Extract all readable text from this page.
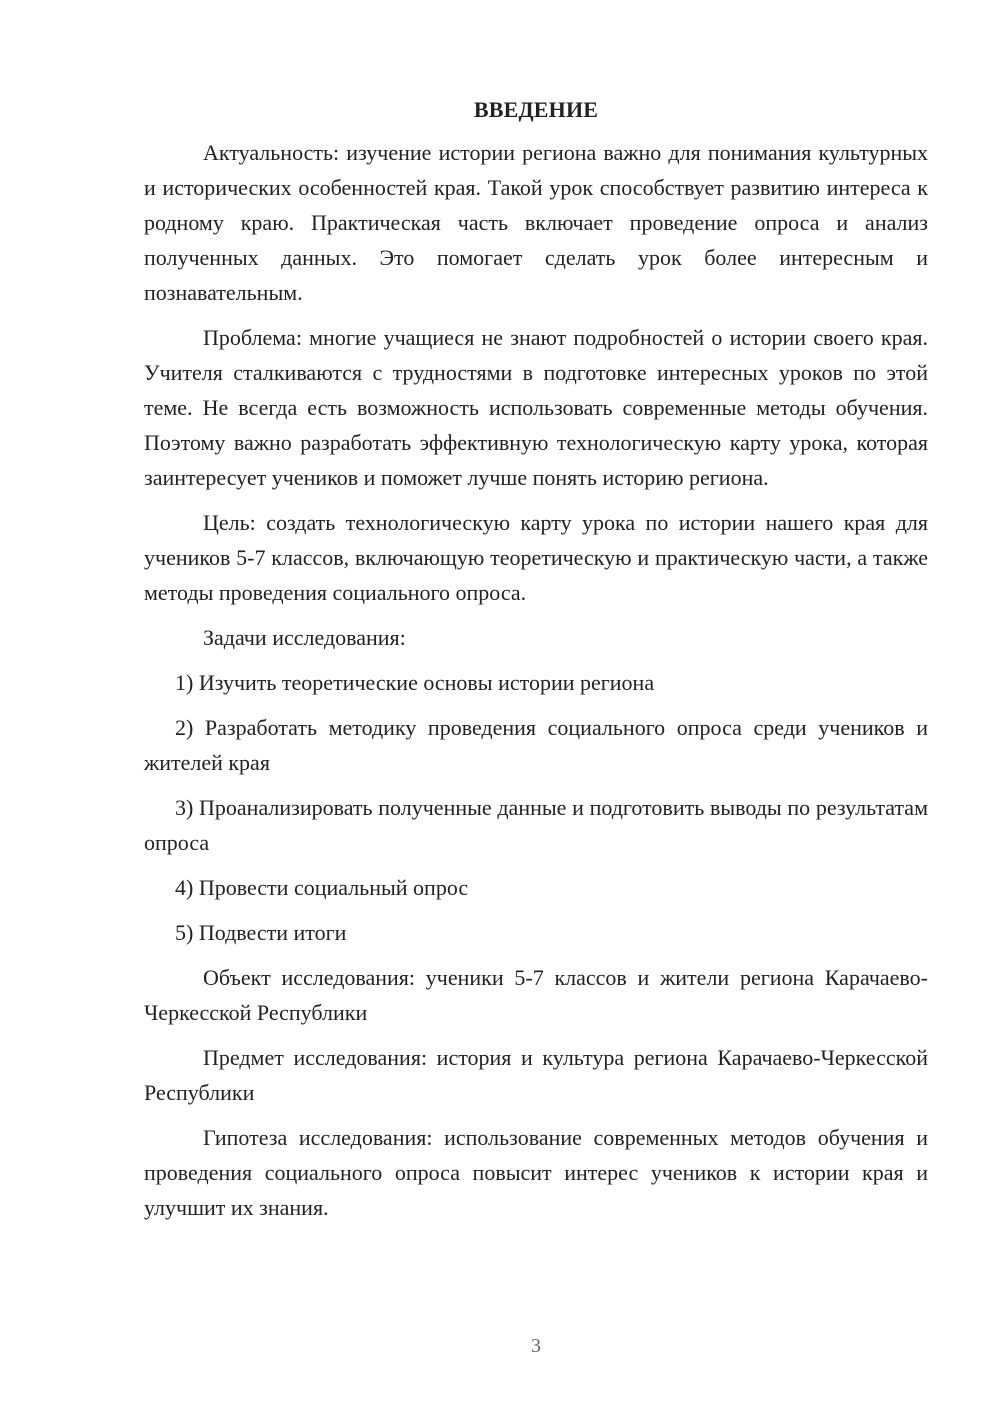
ВВЕДЕНИЕ

Актуальность: изучение истории региона важно для понимания культурных и исторических особенностей края. Такой урок способствует развитию интереса к родному краю. Практическая часть включает проведение опроса и анализ полученных данных. Это помогает сделать урок более интересным и познавательным.

Проблема: многие учащиеся не знают подробностей о истории своего края. Учителя сталкиваются с трудностями в подготовке интересных уроков по этой теме. Не всегда есть возможность использовать современные методы обучения. Поэтому важно разработать эффективную технологическую карту урока, которая заинтересует учеников и поможет лучше понять историю региона.

Цель: создать технологическую карту урока по истории нашего края для учеников 5-7 классов, включающую теоретическую и практическую части, а также методы проведения социального опроса.

Задачи исследования:

1) Изучить теоретические основы истории региона

2) Разработать методику проведения социального опроса среди учеников и жителей края

3) Проанализировать полученные данные и подготовить выводы по результатам опроса

4) Провести социальный опрос

5) Подвести итоги

Объект исследования: ученики 5-7 классов и жители региона Карачаево-Черкесской Республики

Предмет исследования: история и культура региона Карачаево-Черкесской Республики

Гипотеза исследования: использование современных методов обучения и проведения социального опроса повысит интерес учеников к истории края и улучшит их знания.

3
